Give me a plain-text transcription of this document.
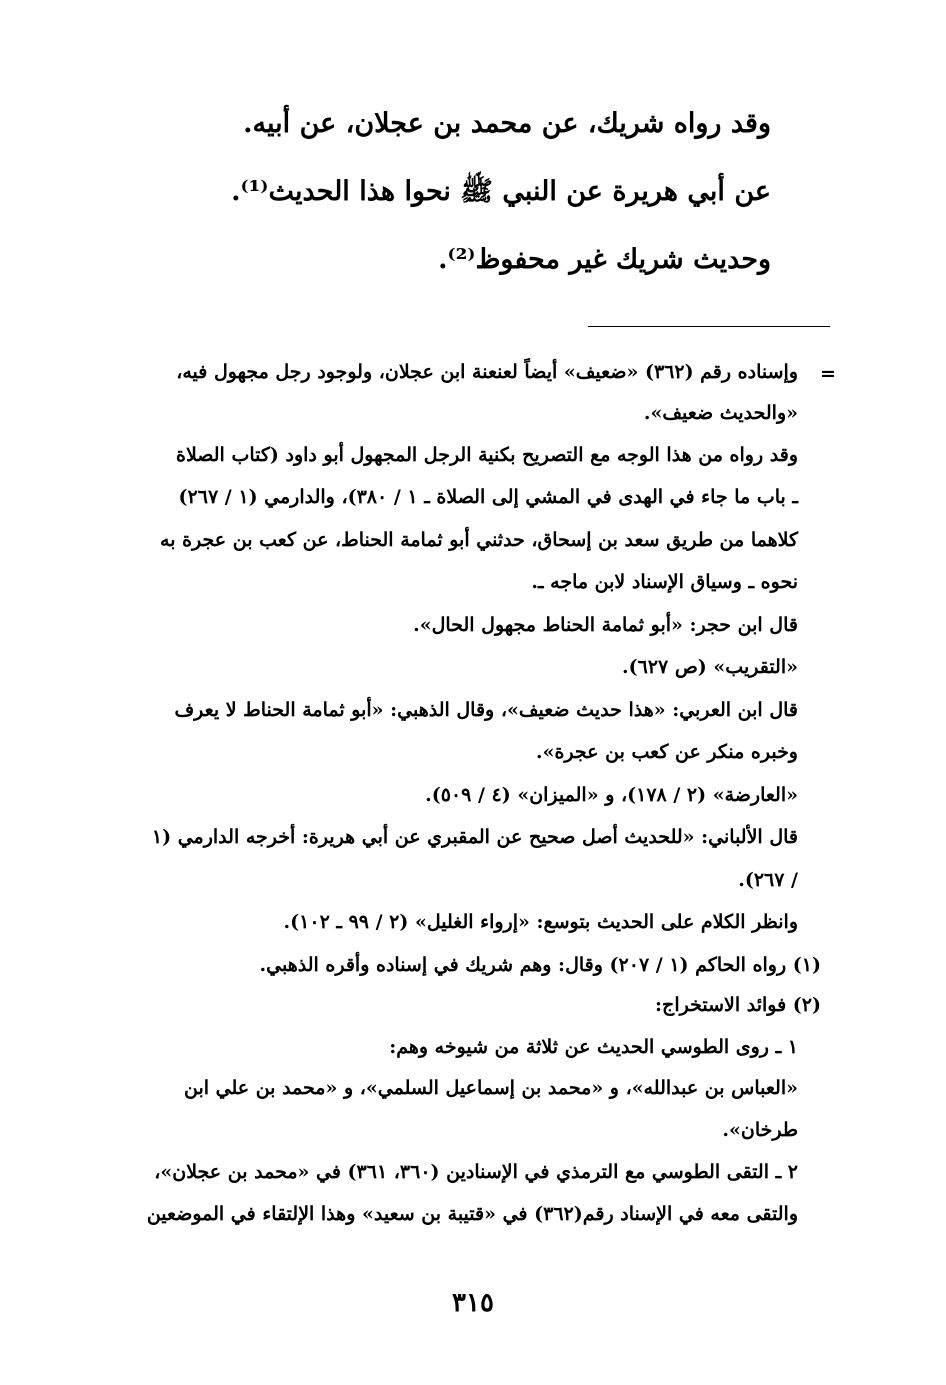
وقد رواه شريك، عن محمد بن عجلان، عن أبيه.

عن أبي هريرة عن النبي ﷺ نحوا هذا الحديث⁽¹⁾.

وحديث شريك غير محفوظ⁽²⁾.

=

وإسناده رقم (٣٦٢) «ضعيف» أيضاً لعنعنة ابن عجلان، ولوجود رجل مجهول فيه،

«والحديث ضعيف».

وقد رواه من هذا الوجه مع التصريح بكنية الرجل المجهول أبو داود (كتاب الصلاة

ـ باب ما جاء في الهدى في المشي إلى الصلاة ـ ١ / ٣٨٠)، والدارمي (١ / ٢٦٧)

كلاهما من طريق سعد بن إسحاق، حدثني أبو ثمامة الحناط، عن كعب بن عجرة به

نحوه ـ وسياق الإسناد لابن ماجه ـ.

قال ابن حجر: «أبو ثمامة الحناط مجهول الحال».

«التقريب» (ص ٦٢٧).

قال ابن العربي: «هذا حديث ضعيف»، وقال الذهبي: «أبو ثمامة الحناط لا يعرف

وخبره منكر عن كعب بن عجرة».

«العارضة» (٢ / ١٧٨)، و «الميزان» (٤ / ٥٠٩).

قال الألباني: «للحديث أصل صحيح عن المقبري عن أبي هريرة: أخرجه الدارمي (١

/ ٢٦٧).

وانظر الكلام على الحديث بتوسع: «إرواء الغليل» (٢ / ٩٩ ـ ١٠٢).

(١) رواه الحاكم (١ / ٢٠٧) وقال: وهم شريك في إسناده وأقره الذهبي.

(٢) فوائد الاستخراج:

١ ـ روى الطوسي الحديث عن ثلاثة من شيوخه وهم:

«العباس بن عبدالله»، و «محمد بن إسماعيل السلمي»، و «محمد بن علي ابن

طرخان».

٢ ـ التقى الطوسي مع الترمذي في الإسنادين (٣٦٠، ٣٦١) في «محمد بن عجلان»،

والتقى معه في الإسناد رقم(٣٦٢) في «قتيبة بن سعيد» وهذا الإلتقاء في الموضعين

٣١٥
